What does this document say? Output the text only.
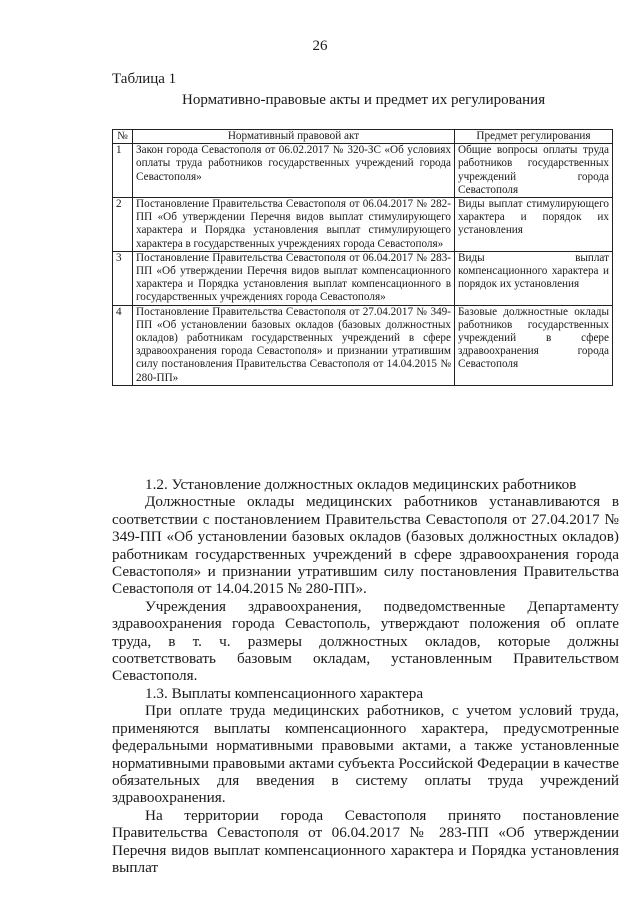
26
Таблица 1
Нормативно-правовые акты и предмет их регулирования
№	Нормативный правовой акт	Предмет регулирования
1	Закон города Севастополя от 06.02.2017 № 320-ЗС «Об условиях оплаты труда работников государственных учреждений города Севастополя»	Общие вопросы оплаты труда работников государственных учреждений города Севастополя
2	Постановление Правительства Севастополя от 06.04.2017 № 282-ПП «Об утверждении Перечня видов выплат стимулирующего характера и Порядка установления выплат стимулирующего характера в государственных учреждениях города Севастополя»	Виды выплат стимулирующего характера и порядок их установления
3	Постановление Правительства Севастополя от 06.04.2017 № 283-ПП «Об утверждении Перечня видов выплат компенсационного характера и Порядка установления выплат компенсационного в государственных учреждениях города Севастополя»	Виды выплат компенсационного характера и порядок их установления
4	Постановление Правительства Севастополя от 27.04.2017 № 349-ПП «Об установлении базовых окладов (базовых должностных окладов) работникам государственных учреждений в сфере здравоохранения города Севастополя» и признании утратившим силу постановления Правительства Севастополя от 14.04.2015 № 280-ПП»	Базовые должностные оклады работников государственных учреждений в сфере здравоохранения города Севастополя

1.2. Установление должностных окладов медицинских работников

Должностные оклады медицинских работников устанавливаются в соответствии с постановлением Правительства Севастополя от 27.04.2017 № 349-ПП «Об установлении базовых окладов (базовых должностных окладов) работникам государственных учреждений в сфере здравоохранения города Севастополя» и признании утратившим силу постановления Правительства Севастополя от 14.04.2015 № 280-ПП».

Учреждения здравоохранения, подведомственные Департаменту здравоохранения города Севастополь, утверждают положения об оплате труда, в т. ч. размеры должностных окладов, которые должны соответствовать базовым окладам, установленным Правительством Севастополя.

1.3. Выплаты компенсационного характера

При оплате труда медицинских работников, с учетом условий труда, применяются выплаты компенсационного характера, предусмотренные федеральными нормативными правовыми актами, а также установленные нормативными правовыми актами субъекта Российской Федерации в качестве обязательных для введения в систему оплаты труда учреждений здравоохранения.

На территории города Севастополя принято постановление Правительства Севастополя от 06.04.2017 № 283-ПП «Об утверждении Перечня видов выплат компенсационного характера и Порядка установления выплат
